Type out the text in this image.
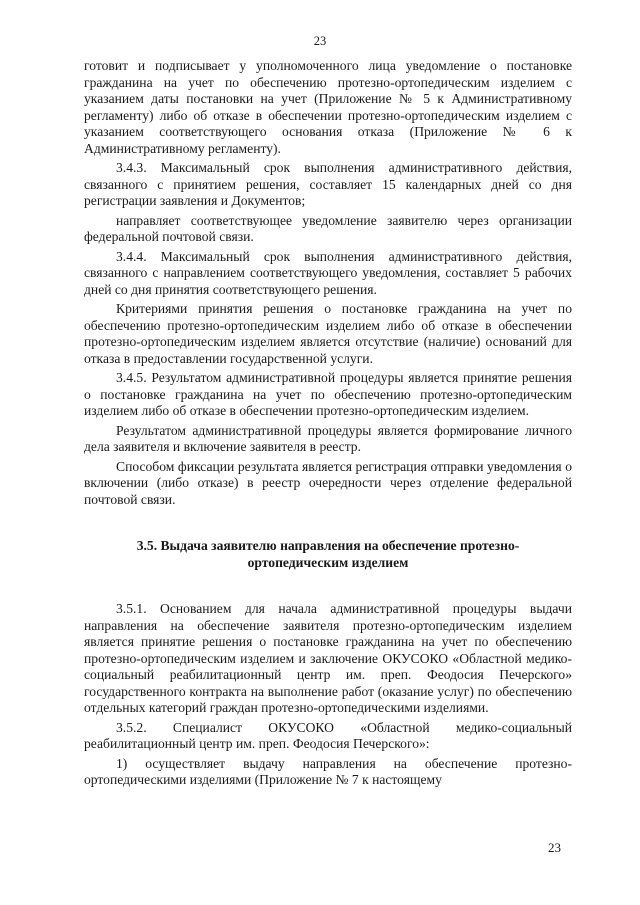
23

готовит и подписывает у уполномоченного лица уведомление о постановке гражданина на учет по обеспечению протезно-ортопедическим изделием с указанием даты постановки на учет (Приложение № 5 к Административному регламенту) либо об отказе в обеспечении протезно-ортопедическим изделием с указанием соответствующего основания отказа (Приложение № 6 к Административному регламенту).

3.4.3. Максимальный срок выполнения административного действия, связанного с принятием решения, составляет 15 календарных дней со дня регистрации заявления и Документов;

направляет соответствующее уведомление заявителю через организации федеральной почтовой связи.

3.4.4. Максимальный срок выполнения административного действия, связанного с направлением соответствующего уведомления, составляет 5 рабочих дней со дня принятия соответствующего решения.

Критериями принятия решения о постановке гражданина на учет по обеспечению протезно-ортопедическим изделием либо об отказе в обеспечении протезно-ортопедическим изделием является отсутствие (наличие) оснований для отказа в предоставлении государственной услуги.

3.4.5. Результатом административной процедуры является принятие решения о постановке гражданина на учет по обеспечению протезно-ортопедическим изделием либо об отказе в обеспечении протезно-ортопедическим изделием.

Результатом административной процедуры является формирование личного дела заявителя и включение заявителя в реестр.

Способом фиксации результата является регистрация отправки уведомления о включении (либо отказе) в реестр очередности через отделение федеральной почтовой связи.

3.5. Выдача заявителю направления на обеспечение протезно-
ортопедическим изделием

3.5.1. Основанием для начала административной процедуры выдачи направления на обеспечение заявителя протезно-ортопедическим изделием является принятие решения о постановке гражданина на учет по обеспечению протезно-ортопедическим изделием и заключение ОКУСОКО «Областной медико-социальный реабилитационный центр им. преп. Феодосия Печерского» государственного контракта на выполнение работ (оказание услуг) по обеспечению отдельных категорий граждан протезно-ортопедическими изделиями.

3.5.2. Специалист ОКУСОКО «Областной медико-социальный реабилитационный центр им. преп. Феодосия Печерского»:

1) осуществляет выдачу направления на обеспечение протезно-ортопедическими изделиями (Приложение № 7 к настоящему

23
